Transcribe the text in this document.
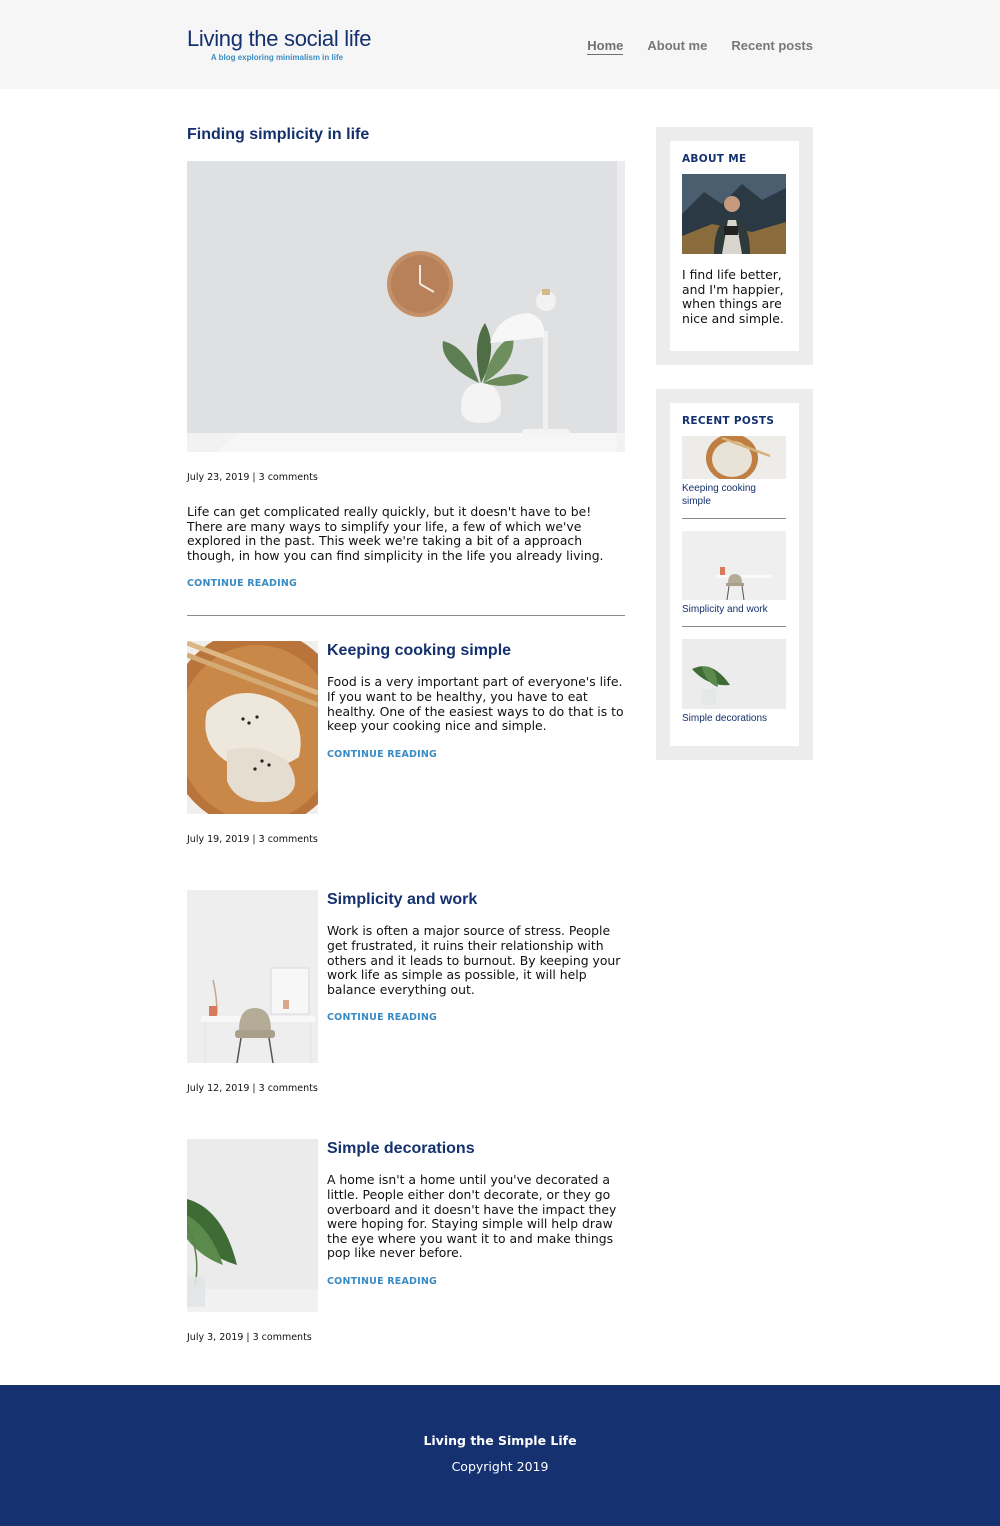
Living the social life
A blog exploring minimalism in life
Home About me Recent posts
Finding simplicity in life
July 23, 2019 | 3 comments

Life can get complicated really quickly, but it doesn't have to be! There are many ways to simplify your life, a few of which we've explored in the past. This week we're taking a bit of a approach though, in how you can find simplicity in the life you already living.

CONTINUE READING
Keeping cooking simple

Food is a very important part of everyone's life. If you want to be healthy, you have to eat healthy. One of the easiest ways to do that is to keep your cooking nice and simple.

CONTINUE READING
July 19, 2019 | 3 comments
Simplicity and work

Work is often a major source of stress. People get frustrated, it ruins their relationship with others and it leads to burnout. By keeping your work life as simple as possible, it will help balance everything out.

CONTINUE READING
July 12, 2019 | 3 comments
Simple decorations

A home isn't a home until you've decorated a little. People either don't decorate, or they go overboard and it doesn't have the impact they were hoping for. Staying simple will help draw the eye where you want it to and make things pop like never before.

CONTINUE READING
July 3, 2019 | 3 comments
ABOUT ME

I find life better, and I'm happier, when things are nice and simple.

RECENT POSTS
Keeping cooking simple
Simplicity and work
Simple decorations
Living the Simple Life
Copyright 2019
